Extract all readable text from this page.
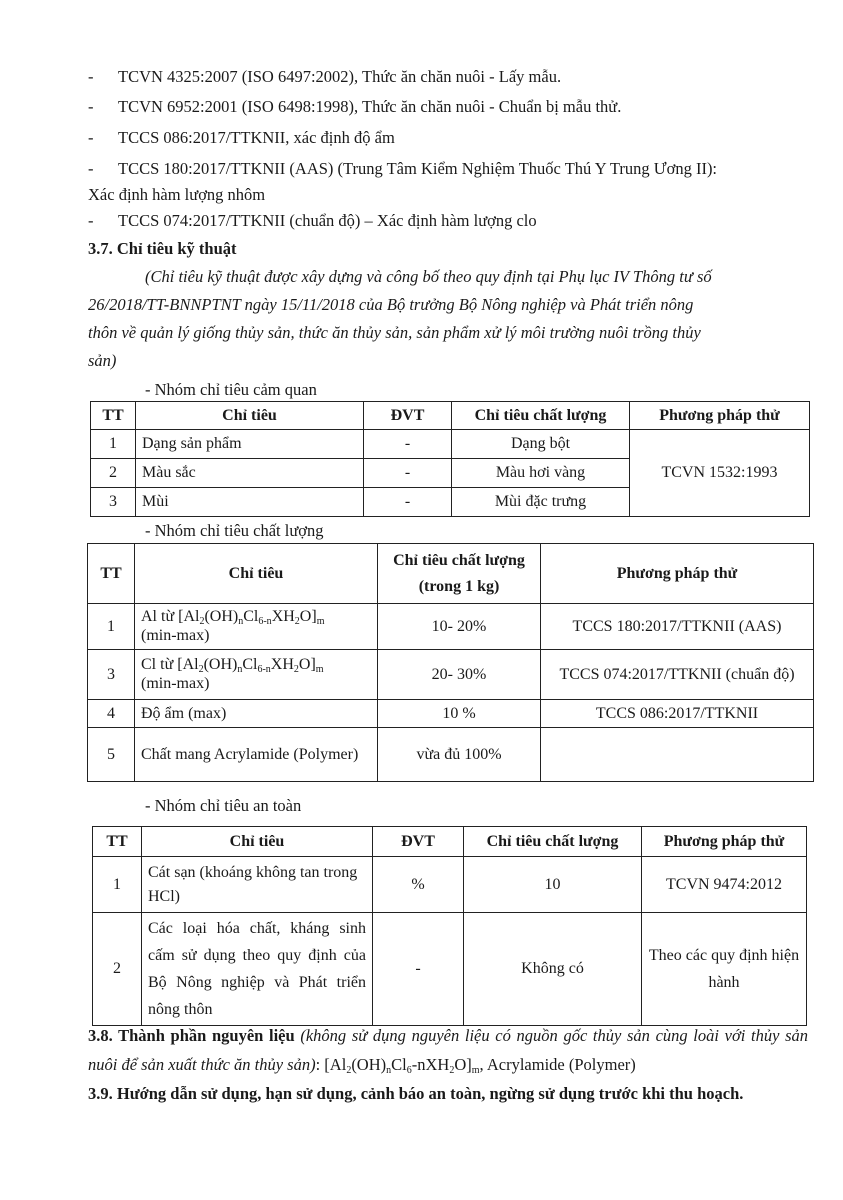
- TCVN 4325:2007 (ISO 6497:2002), Thức ăn chăn nuôi - Lấy mẫu.
- TCVN 6952:2001 (ISO 6498:1998), Thức ăn chăn nuôi - Chuẩn bị mẫu thử.
- TCCS 086:2017/TTKNII, xác định độ ẩm
- TCCS 180:2017/TTKNII (AAS) (Trung Tâm Kiểm Nghiệm Thuốc Thú Y Trung Ương II):
Xác định hàm lượng nhôm
- TCCS 074:2017/TTKNII (chuẩn độ) – Xác định hàm lượng clo
3.7. Chỉ tiêu kỹ thuật
(Chỉ tiêu kỹ thuật được xây dựng và công bố theo quy định tại Phụ lục IV Thông tư số
26/2018/TT-BNNPTNT ngày 15/11/2018 của Bộ trưởng Bộ Nông nghiệp và Phát triển nông
thôn về quản lý giống thủy sản, thức ăn thủy sản, sản phẩm xử lý môi trường nuôi trồng thủy
sản)
- Nhóm chỉ tiêu cảm quan
TT	Chỉ tiêu	ĐVT	Chỉ tiêu chất lượng	Phương pháp thử
1	Dạng sản phẩm	-	Dạng bột	TCVN 1532:1993
2	Màu sắc	-	Màu hơi vàng	
3	Mùi	-	Mùi đặc trưng	
- Nhóm chỉ tiêu chất lượng
TT	Chỉ tiêu	Chỉ tiêu chất lượng (trong 1 kg)	Phương pháp thử
1	Al từ $[Al_2(OH)_nCl_{6-n}XH_2O]_m$
(min-max)	10- 20%	TCCS 180:2017/TTKNII (AAS)
3	Cl từ $[Al_2(OH)_nCl_{6-n}XH_2O]_m$
(min-max)	20- 30%	TCCS 074:2017/TTKNII (chuẩn độ)
4	Độ ẩm (max)	10 %	TCCS 086:2017/TTKNII
5	Chất mang Acrylamide (Polymer)	vừa đủ 100%	
- Nhóm chỉ tiêu an toàn
TT	Chỉ tiêu	ĐVT	Chỉ tiêu chất lượng	Phương pháp thử
1	Cát sạn (khoáng không tan trong HCl)	%	10	TCVN 9474:2012
2	Các loại hóa chất, kháng sinh cấm sử dụng theo quy định của Bộ Nông nghiệp và Phát triển nông thôn	-	Không có	Theo các quy định hiện hành
3.8. Thành phần nguyên liệu (không sử dụng nguyên liệu có nguồn gốc thủy sản cùng loài với thủy sản nuôi để sản xuất thức ăn thủy sản): $[Al_2(OH)_nCl_6-nXH_2O]_m$, Acrylamide (Polymer)
3.9. Hướng dẫn sử dụng, hạn sử dụng, cảnh báo an toàn, ngừng sử dụng trước khi thu hoạch.
